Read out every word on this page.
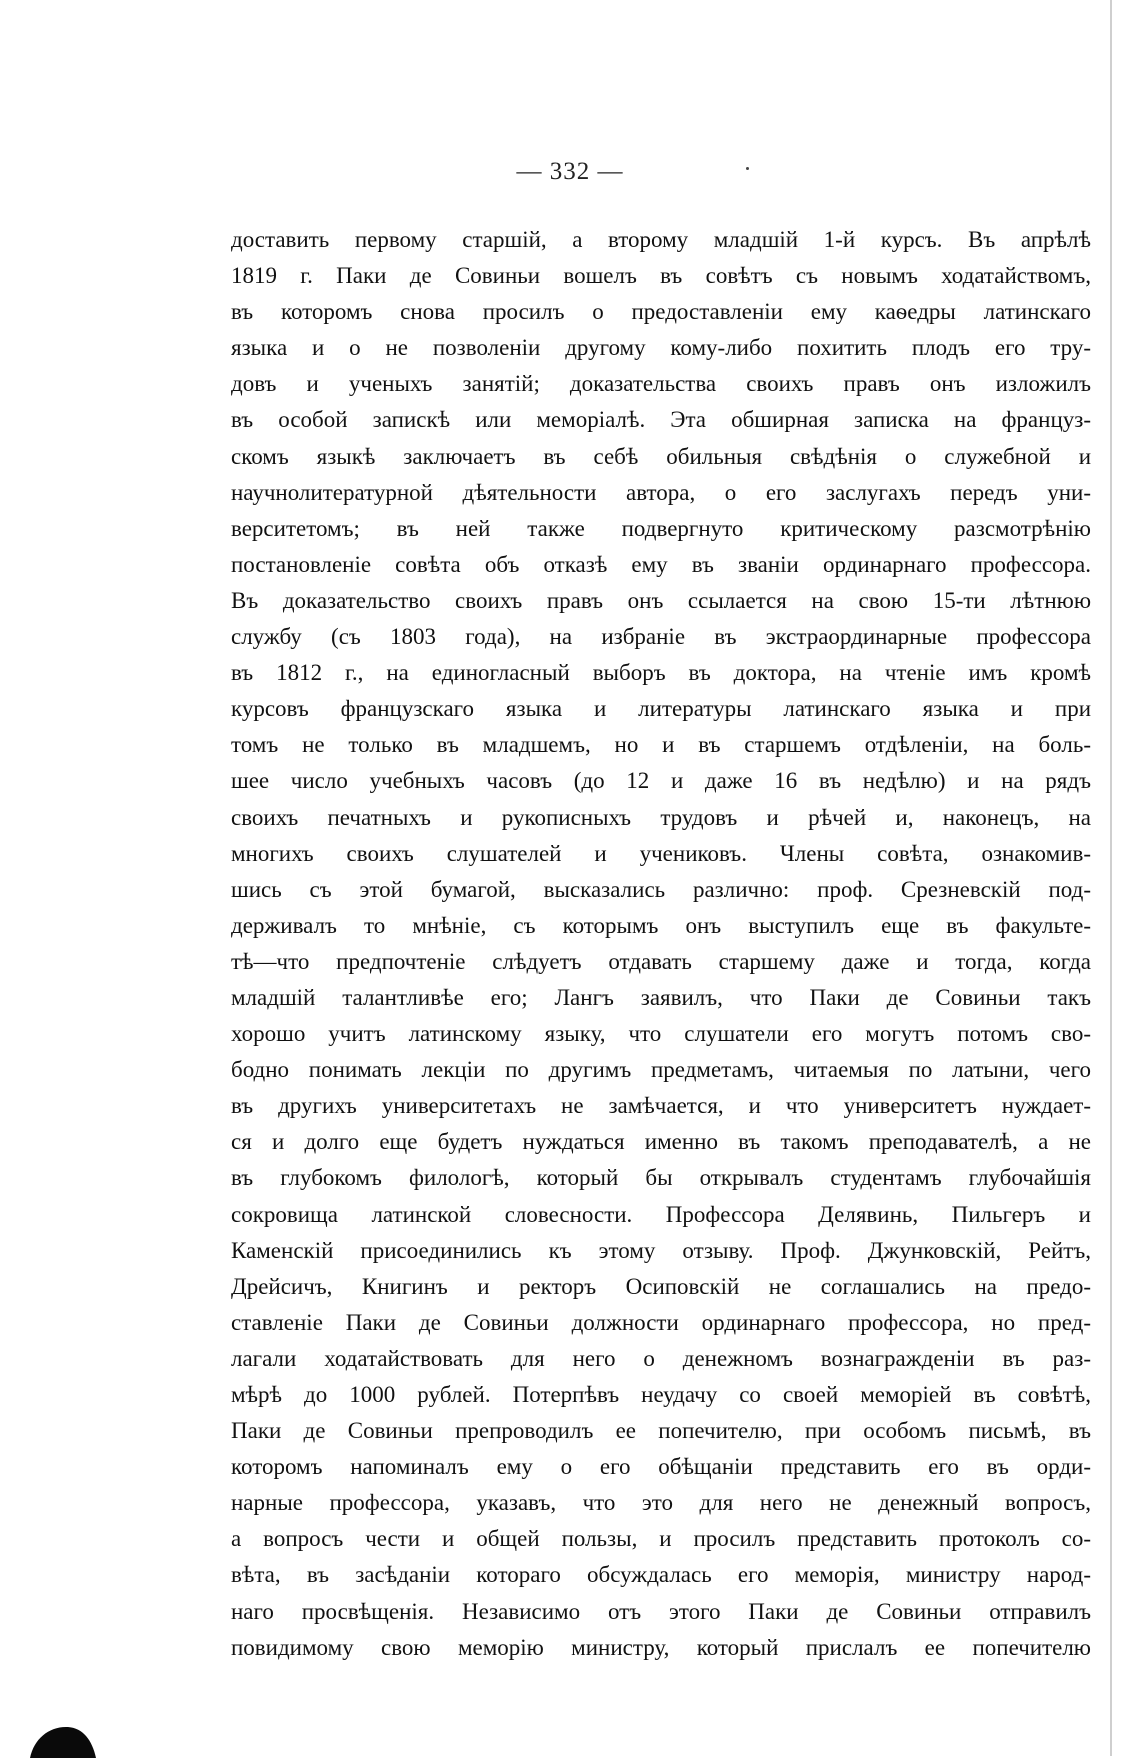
— 332 —
доставить первому старшій, а второму младшій 1-й курсъ. Въ апрѣлѣ
1819 г. Паки де Совиньи вошелъ въ совѣтъ съ новымъ ходатайствомъ,
въ которомъ снова просилъ о предоставленіи ему каѳедры латинскаго
языка и о не позволеніи другому кому-либо похитить плодъ его тру-
довъ и ученыхъ занятій; доказательства своихъ правъ онъ изложилъ
въ особой запискѣ или меморіалѣ. Эта обширная записка на француз-
скомъ языкѣ заключаетъ въ себѣ обильныя свѣдѣнія о служебной и
научнолитературной дѣятельности автора, о его заслугахъ передъ уни-
верситетомъ; въ ней также подвергнуто критическому разсмотрѣнію
постановленіе совѣта объ отказѣ ему въ званіи ординарнаго профессора.
Въ доказательство своихъ правъ онъ ссылается на свою 15-ти лѣтнюю
службу (съ 1803 года), на избраніе въ экстраординарные профессора
въ 1812 г., на единогласный выборъ въ доктора, на чтеніе имъ кромѣ
курсовъ французскаго языка и литературы латинскаго языка и при
томъ не только въ младшемъ, но и въ старшемъ отдѣленіи, на боль-
шее число учебныхъ часовъ (до 12 и даже 16 въ недѣлю) и на рядъ
своихъ печатныхъ и рукописныхъ трудовъ и рѣчей и, наконецъ, на
многихъ своихъ слушателей и учениковъ. Члены совѣта, ознакомив-
шись съ этой бумагой, высказались различно: проф. Срезневскій под-
держивалъ то мнѣніе, съ которымъ онъ выступилъ еще въ факульте-
тѣ—что предпочтеніе слѣдуетъ отдавать старшему даже и тогда, когда
младшій талантливѣе его; Лангъ заявилъ, что Паки де Совиньи такъ
хорошо учитъ латинскому языку, что слушатели его могутъ потомъ сво-
бодно понимать лекціи по другимъ предметамъ, читаемыя по латыни, чего
въ другихъ университетахъ не замѣчается, и что университетъ нуждает-
ся и долго еще будетъ нуждаться именно въ такомъ преподавателѣ, а не
въ глубокомъ филологѣ, который бы открывалъ студентамъ глубочайшія
сокровища латинской словесности. Профессора Делявинь, Пильгеръ и
Каменскій присоединились къ этому отзыву. Проф. Джунковскій, Рейтъ,
Дрейсичъ, Книгинъ и ректоръ Осиповскій не соглашались на предо-
ставленіе Паки де Совиньи должности ординарнаго профессора, но пред-
лагали ходатайствовать для него о денежномъ вознагражденіи въ раз-
мѣрѣ до 1000 рублей. Потерпѣвъ неудачу со своей меморіей въ совѣтѣ,
Паки де Совиньи препроводилъ ее попечителю, при особомъ письмѣ, въ
которомъ напоминалъ ему о его обѣщаніи представить его въ орди-
нарные профессора, указавъ, что это для него не денежный вопросъ,
а вопросъ чести и общей пользы, и просилъ представить протоколъ со-
вѣта, въ засѣданіи котораго обсуждалась его меморія, министру народ-
наго просвѣщенія. Независимо отъ этого Паки де Совиньи отправилъ
повидимому свою меморію министру, который прислалъ ее попечителю
